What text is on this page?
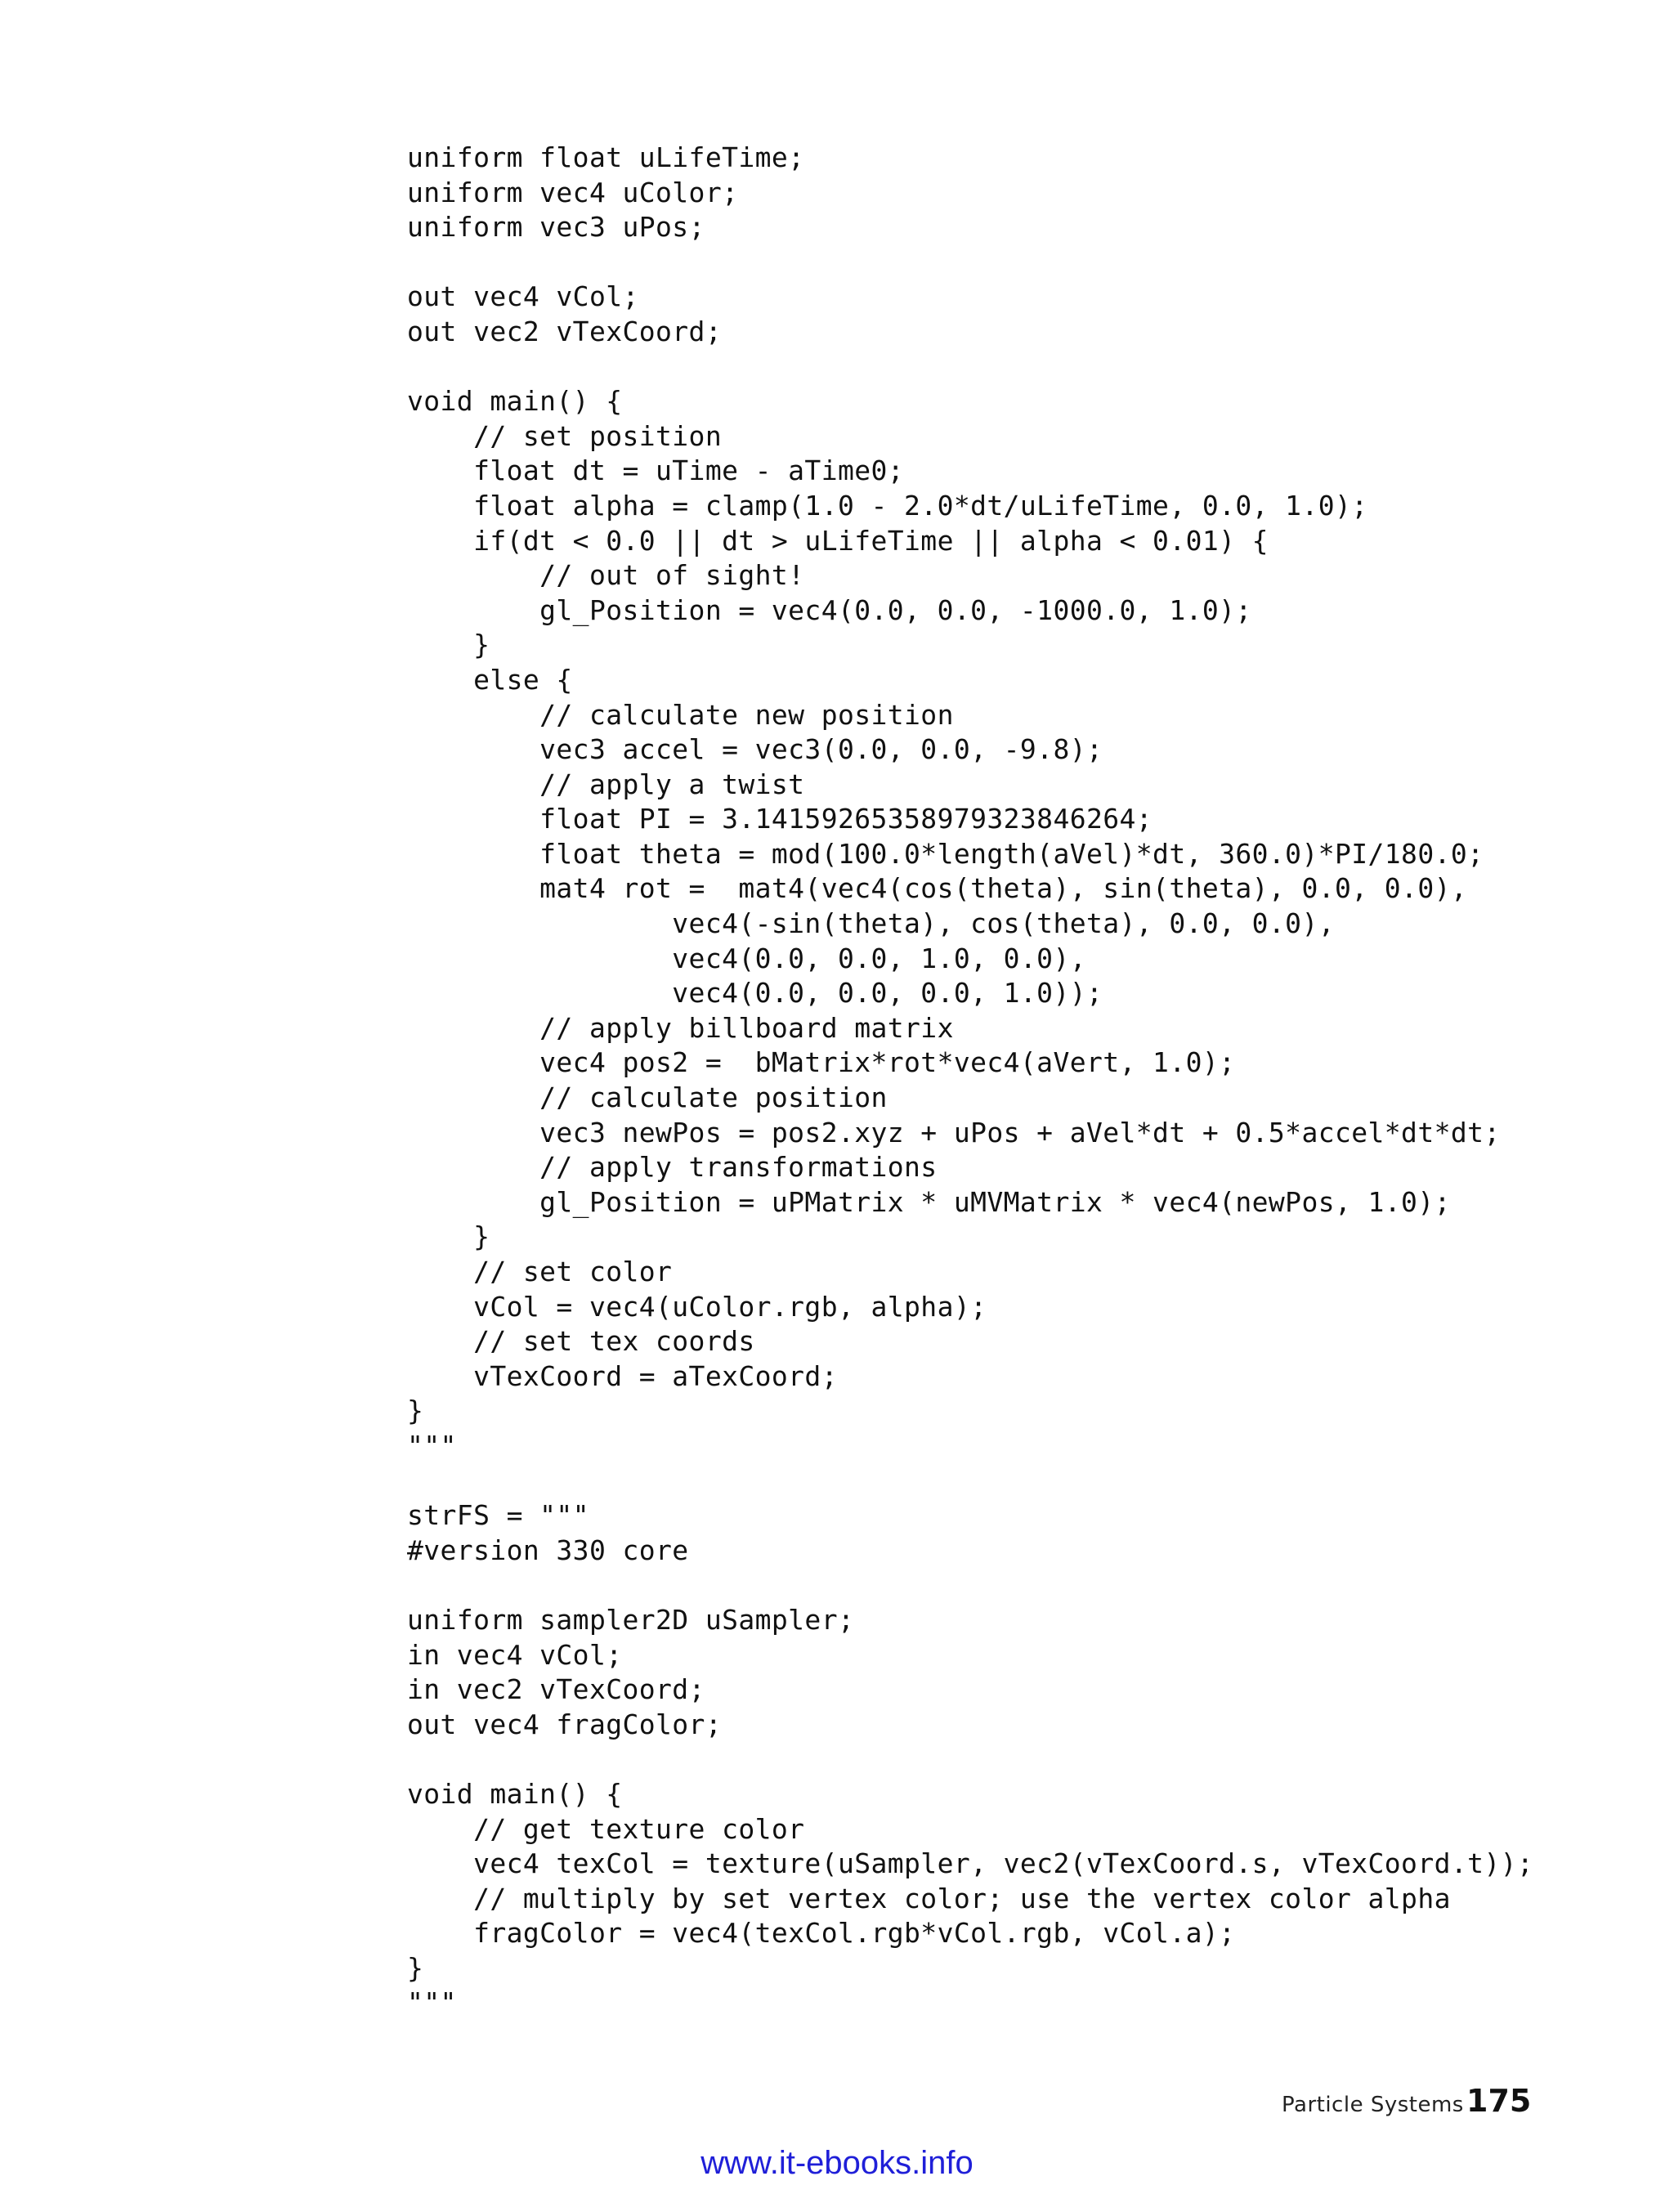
uniform float uLifeTime;
uniform vec4 uColor;
uniform vec3 uPos;

out vec4 vCol;
out vec2 vTexCoord;

void main() {
// set position
float dt = uTime - aTime0;
float alpha = clamp(1.0 - 2.0*dt/uLifeTime, 0.0, 1.0);
if(dt < 0.0 || dt > uLifeTime || alpha < 0.01) {
// out of sight!
gl_Position = vec4(0.0, 0.0, -1000.0, 1.0);
}
else {
// calculate new position
vec3 accel = vec3(0.0, 0.0, -9.8);
// apply a twist
float PI = 3.14159265358979323846264;
float theta = mod(100.0*length(aVel)*dt, 360.0)*PI/180.0;
mat4 rot =  mat4(vec4(cos(theta), sin(theta), 0.0, 0.0),
vec4(-sin(theta), cos(theta), 0.0, 0.0),
vec4(0.0, 0.0, 1.0, 0.0),
vec4(0.0, 0.0, 0.0, 1.0));
// apply billboard matrix
vec4 pos2 =  bMatrix*rot*vec4(aVert, 1.0);
// calculate position
vec3 newPos = pos2.xyz + uPos + aVel*dt + 0.5*accel*dt*dt;
// apply transformations
gl_Position = uPMatrix * uMVMatrix * vec4(newPos, 1.0);
}
// set color
vCol = vec4(uColor.rgb, alpha);
// set tex coords
vTexCoord = aTexCoord;
}
"""

strFS = """
#version 330 core

uniform sampler2D uSampler;
in vec4 vCol;
in vec2 vTexCoord;
out vec4 fragColor;

void main() {
// get texture color
vec4 texCol = texture(uSampler, vec2(vTexCoord.s, vTexCoord.t));
// multiply by set vertex color; use the vertex color alpha
fragColor = vec4(texCol.rgb*vCol.rgb, vCol.a);
}
"""
Particle Systems 175
www.it-ebooks.info
